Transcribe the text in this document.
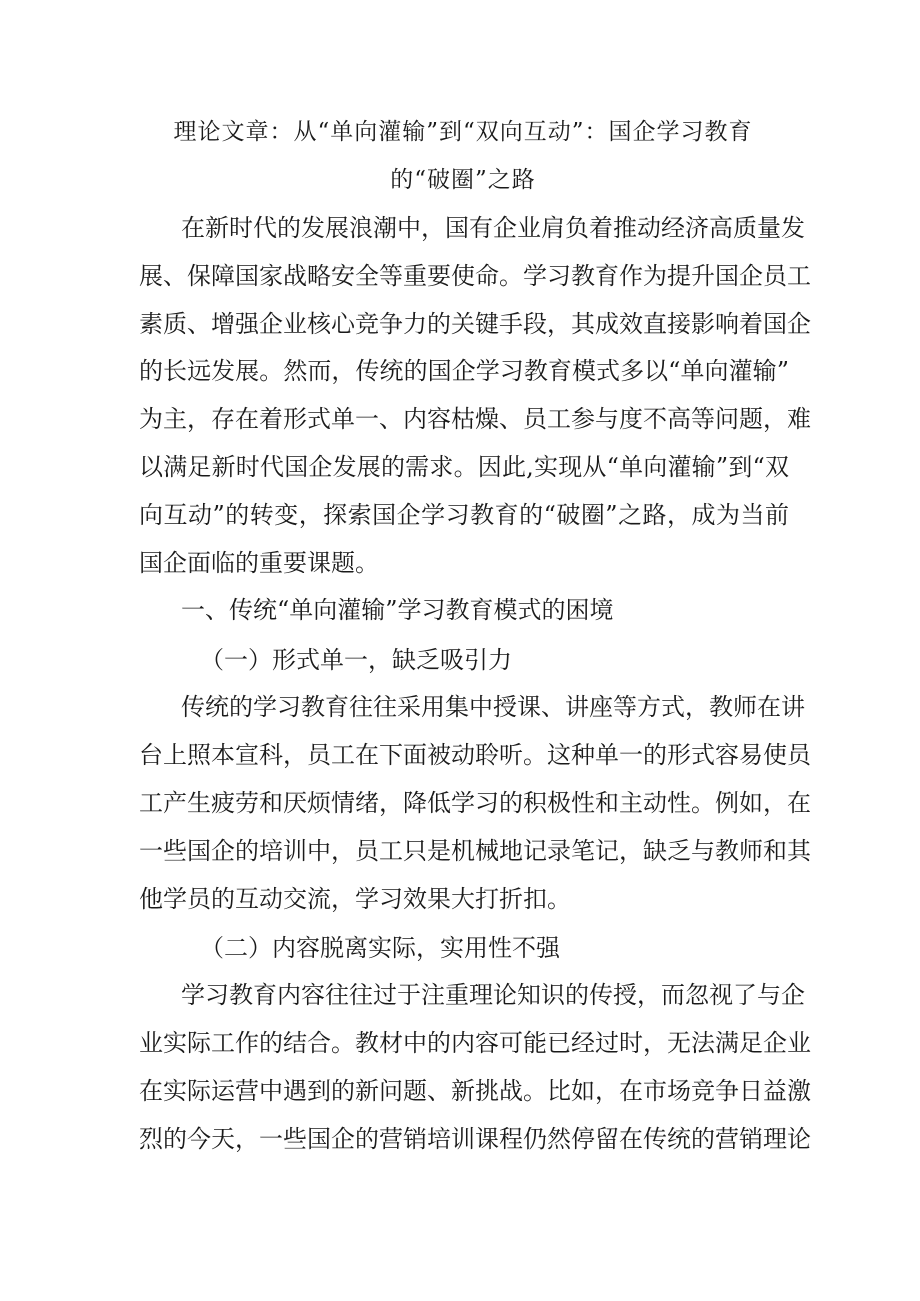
理论文章：从“单向灌输”到“双向互动”：国企学习教育
的“破圈”之路
在新时代的发展浪潮中，国有企业肩负着推动经济高质量发
展、保障国家战略安全等重要使命。学习教育作为提升国企员工
素质、增强企业核心竞争力的关键手段，其成效直接影响着国企
的长远发展。然而，传统的国企学习教育模式多以“单向灌输”
为主，存在着形式单一、内容枯燥、员工参与度不高等问题，难
以满足新时代国企发展的需求。因此,实现从“单向灌输”到“双
向互动”的转变，探索国企学习教育的“破圈”之路，成为当前
国企面临的重要课题。
一、传统“单向灌输”学习教育模式的困境
（一）形式单一，缺乏吸引力
传统的学习教育往往采用集中授课、讲座等方式，教师在讲
台上照本宣科，员工在下面被动聆听。这种单一的形式容易使员
工产生疲劳和厌烦情绪，降低学习的积极性和主动性。例如，在
一些国企的培训中，员工只是机械地记录笔记，缺乏与教师和其
他学员的互动交流，学习效果大打折扣。
（二）内容脱离实际，实用性不强
学习教育内容往往过于注重理论知识的传授，而忽视了与企
业实际工作的结合。教材中的内容可能已经过时，无法满足企业
在实际运营中遇到的新问题、新挑战。比如，在市场竞争日益激
烈的今天，一些国企的营销培训课程仍然停留在传统的营销理论
